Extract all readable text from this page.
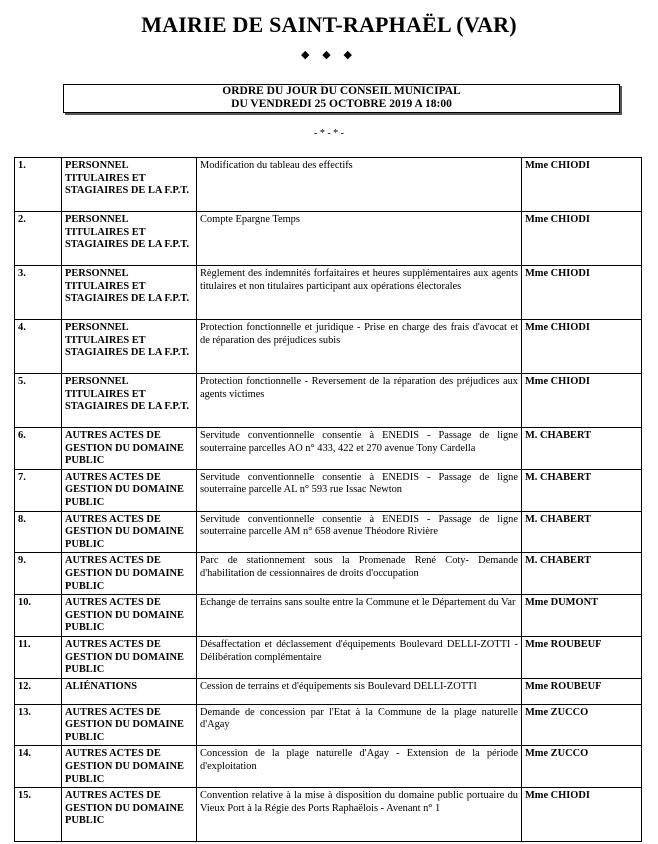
MAIRIE DE SAINT-RAPHAËL (VAR)
◆ ◆ ◆
ORDRE DU JOUR DU CONSEIL MUNICIPAL
DU VENDREDI 25 OCTOBRE 2019 A 18:00
- * - * -
1.	PERSONNEL TITULAIRES ET STAGIAIRES DE LA F.P.T.	Modification du tableau des effectifs	Mme CHIODI
2.	PERSONNEL TITULAIRES ET STAGIAIRES DE LA F.P.T.	Compte Epargne Temps	Mme CHIODI
3.	PERSONNEL TITULAIRES ET STAGIAIRES DE LA F.P.T.	Règlement des indemnités forfaitaires et heures supplémentaires aux agents titulaires et non titulaires participant aux opérations électorales	Mme CHIODI
4.	PERSONNEL TITULAIRES ET STAGIAIRES DE LA F.P.T.	Protection fonctionnelle et juridique - Prise en charge des frais d'avocat et de réparation des préjudices subis	Mme CHIODI
5.	PERSONNEL TITULAIRES ET STAGIAIRES DE LA F.P.T.	Protection fonctionnelle - Reversement de la réparation des préjudices aux agents victimes	Mme CHIODI
6.	AUTRES ACTES DE GESTION DU DOMAINE PUBLIC	Servitude conventionnelle consentie à ENEDIS - Passage de ligne souterraine parcelles AO n° 433, 422 et 270 avenue Tony Cardella	M. CHABERT
7.	AUTRES ACTES DE GESTION DU DOMAINE PUBLIC	Servitude conventionnelle consentie à ENEDIS - Passage de ligne souterraine parcelle AL n° 593 rue Issac Newton	M. CHABERT
8.	AUTRES ACTES DE GESTION DU DOMAINE PUBLIC	Servitude conventionnelle consentie à ENEDIS - Passage de ligne souterraine parcelle AM n° 658 avenue Théodore Rivière	M. CHABERT
9.	AUTRES ACTES DE GESTION DU DOMAINE PUBLIC	Parc de stationnement sous la Promenade René Coty- Demande d'habilitation de cessionnaires de droits d'occupation	M. CHABERT
10.	AUTRES ACTES DE GESTION DU DOMAINE PUBLIC	Echange de terrains sans soulte entre la Commune et le Département du Var	Mme DUMONT
11.	AUTRES ACTES DE GESTION DU DOMAINE PUBLIC	Désaffectation et déclassement d'équipements Boulevard DELLI-ZOTTI - Délibération complémentaire	Mme ROUBEUF
12.	ALIÉNATIONS	Cession de terrains et d'équipements sis Boulevard DELLI-ZOTTI	Mme ROUBEUF
13.	AUTRES ACTES DE GESTION DU DOMAINE PUBLIC	Demande de concession par l'Etat à la Commune de la plage naturelle d'Agay	Mme ZUCCO
14.	AUTRES ACTES DE GESTION DU DOMAINE PUBLIC	Concession de la plage naturelle d'Agay - Extension de la période d'exploitation	Mme ZUCCO
15.	AUTRES ACTES DE GESTION DU DOMAINE PUBLIC	Convention relative à la mise à disposition du domaine public portuaire du Vieux Port à la Régie des Ports Raphaëlois - Avenant n° 1	Mme CHIODI
